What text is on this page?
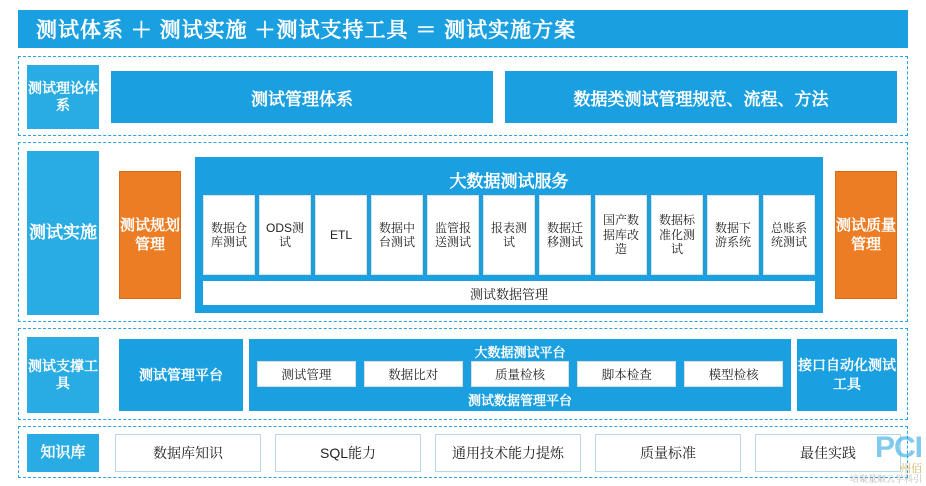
测试体系 ＋ 测试实施 ＋测试支持工具 ＝ 测试实施方案
测试理论体系	测试管理体系	数据类测试管理规范、流程、方法
测试实施 测试规划管理
大数据测试服务
数据仓库测试
ODS测试
ETL
数据中台测试
监管报送测试
报表测试
数据迁移测试
国产数据库改造
数据标准化测试
数据下游系统
总账系统测试
测试数据管理
测试质量管理
测试支撑工具
测试管理平台
大数据测试平台
测试管理	数据比对	质量检核	脚本检查	模型检核
测试数据管理平台
接口自动化测试工具
知识库	数据库知识	SQL能力	通用技术能力提炼	质量标准	最佳实践 PCI
州佰
培聚量顺云学科引
